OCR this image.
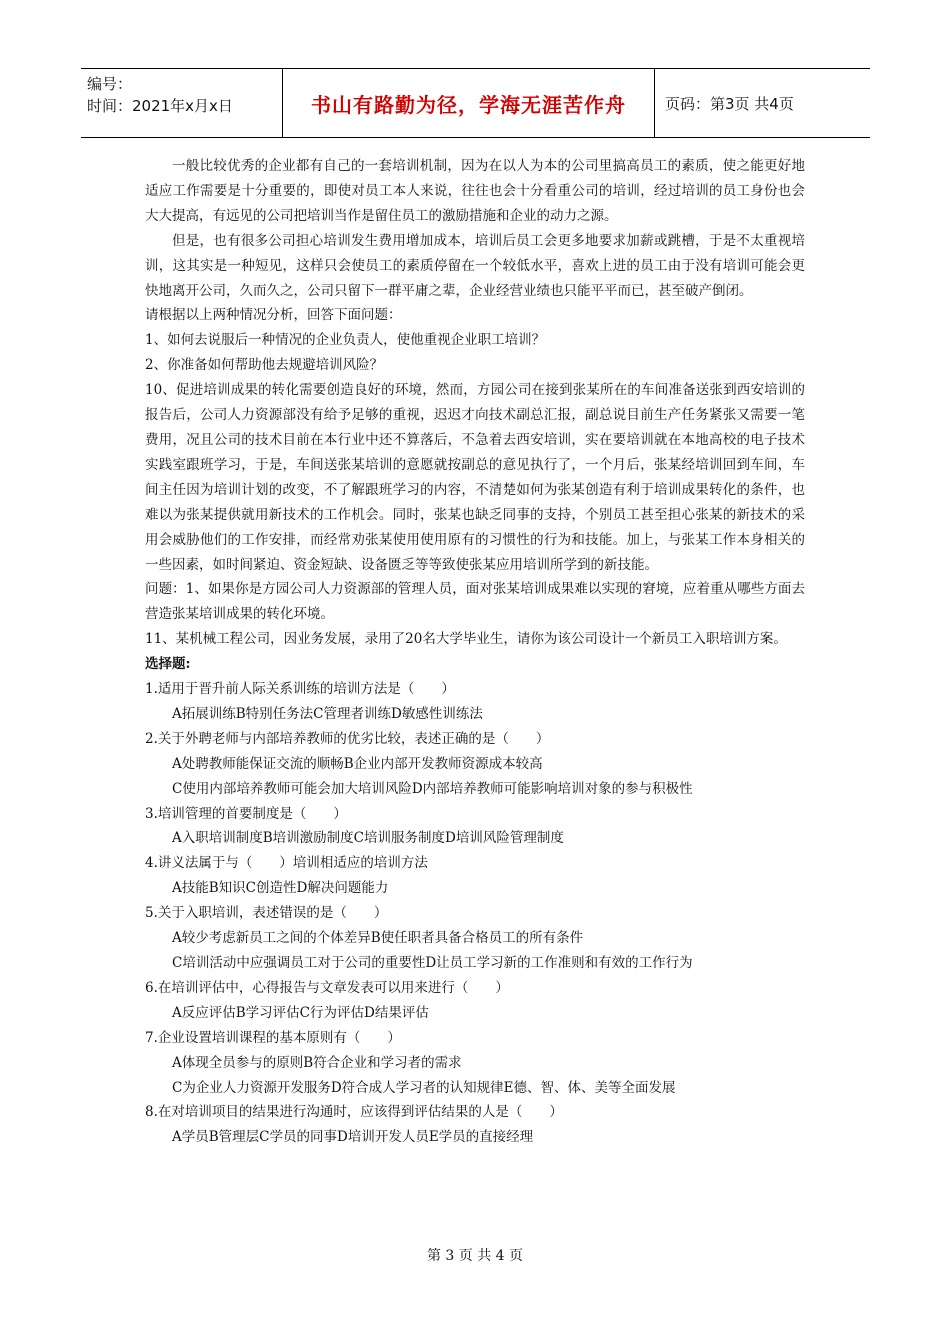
编号：
时间：2021年x月x日	书山有路勤为径，学海无涯苦作舟	页码：第3页 共4页

一般比较优秀的企业都有自己的一套培训机制，因为在以人为本的公司里搞高员工的素质，使之能更好地适应工作需要是十分重要的，即使对员工本人来说，往往也会十分看重公司的培训，经过培训的员工身份也会大大提高，有远见的公司把培训当作是留住员工的激励措施和企业的动力之源。

但是，也有很多公司担心培训发生费用增加成本，培训后员工会更多地要求加薪或跳槽，于是不太重视培训，这其实是一种短见，这样只会使员工的素质停留在一个较低水平，喜欢上进的员工由于没有培训可能会更快地离开公司，久而久之，公司只留下一群平庸之辈，企业经营业绩也只能平平而已，甚至破产倒闭。

请根据以上两种情况分析，回答下面问题：

1、如何去说服后一种情况的企业负责人，使他重视企业职工培训？

2、你准备如何帮助他去规避培训风险？

10、促进培训成果的转化需要创造良好的环境，然而，方园公司在接到张某所在的车间准备送张到西安培训的报告后，公司人力资源部没有给予足够的重视，迟迟才向技术副总汇报，副总说目前生产任务紧张又需要一笔费用，况且公司的技术目前在本行业中还不算落后，不急着去西安培训，实在要培训就在本地高校的电子技术实践室跟班学习，于是，车间送张某培训的意愿就按副总的意见执行了，一个月后，张某经培训回到车间，车间主任因为培训计划的改变，不了解跟班学习的内容，不清楚如何为张某创造有利于培训成果转化的条件，也难以为张某提供就用新技术的工作机会。同时，张某也缺乏同事的支持，个别员工甚至担心张某的新技术的采用会威胁他们的工作安排，而经常劝张某使用使用原有的习惯性的行为和技能。加上，与张某工作本身相关的一些因素，如时间紧迫、资金短缺、设备匮乏等等致使张某应用培训所学到的新技能。

问题：1、如果你是方园公司人力资源部的管理人员，面对张某培训成果难以实现的窘境，应着重从哪些方面去营造张某培训成果的转化环境。

11、某机械工程公司，因业务发展，录用了20名大学毕业生，请你为该公司设计一个新员工入职培训方案。

选择题:

1.适用于晋升前人际关系训练的培训方法是（　　）

A拓展训练B特别任务法C管理者训练D敏感性训练法

2.关于外聘老师与内部培养教师的优劣比较，表述正确的是（　　）

A处聘教师能保证交流的顺畅B企业内部开发教师资源成本较高

C使用内部培养教师可能会加大培训风险D内部培养教师可能影响培训对象的参与积极性

3.培训管理的首要制度是（　　）

A入职培训制度B培训激励制度C培训服务制度D培训风险管理制度

4.讲义法属于与（　　）培训相适应的培训方法

A技能B知识C创造性D解决问题能力

5.关于入职培训，表述错误的是（　　）

A较少考虑新员工之间的个体差异B使任职者具备合格员工的所有条件

C培训活动中应强调员工对于公司的重要性D让员工学习新的工作准则和有效的工作行为

6.在培训评估中，心得报告与文章发表可以用来进行（　　）

A反应评估B学习评估C行为评估D结果评估

7.企业设置培训课程的基本原则有（　　）

A体现全员参与的原则B符合企业和学习者的需求

C为企业人力资源开发服务D符合成人学习者的认知规律E德、智、体、美等全面发展

8.在对培训项目的结果进行沟通时，应该得到评估结果的人是（　　）

A学员B管理层C学员的同事D培训开发人员E学员的直接经理

第 3 页 共 4 页
